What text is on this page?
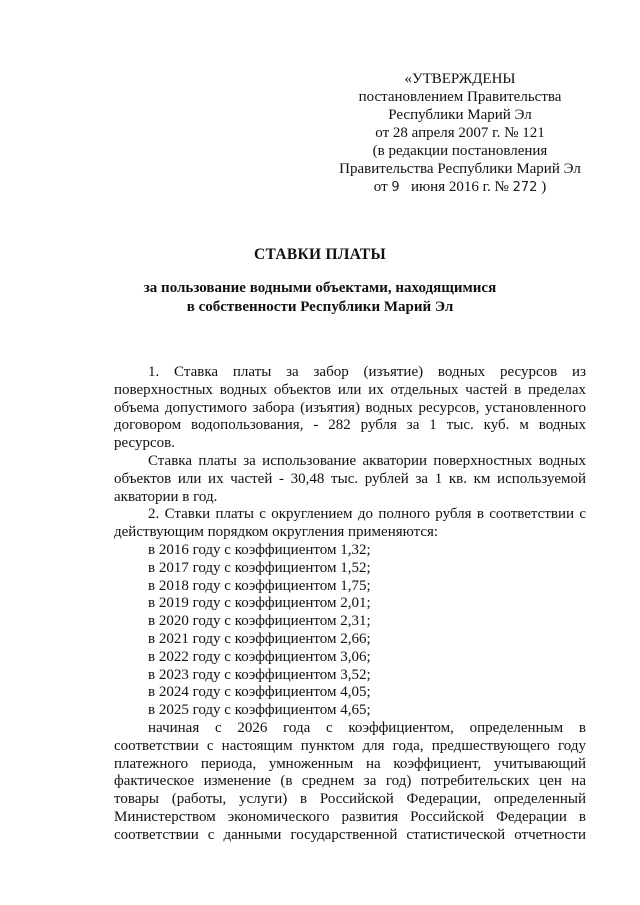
«УТВЕРЖДЕНЫ
постановлением Правительства
Республики Марий Эл
от 28 апреля 2007 г. № 121
(в редакции постановления
Правительства Республики Марий Эл
от 9 июня 2016 г. № 272 )
СТАВКИ ПЛАТЫ
за пользование водными объектами, находящимися
в собственности Республики Марий Эл

1. Ставка платы за забор (изъятие) водных ресурсов из поверхностных водных объектов или их отдельных частей в пределах объема допустимого забора (изъятия) водных ресурсов, установленного договором водопользования, - 282 рубля за 1 тыс. куб. м водных ресурсов.

Ставка платы за использование акватории поверхностных водных объектов или их частей - 30,48 тыс. рублей за 1 кв. км используемой акватории в год.

2. Ставки платы с округлением до полного рубля в соответствии с действующим порядком округления применяются:

в 2016 году с коэффициентом 1,32;

в 2017 году с коэффициентом 1,52;

в 2018 году с коэффициентом 1,75;

в 2019 году с коэффициентом 2,01;

в 2020 году с коэффициентом 2,31;

в 2021 году с коэффициентом 2,66;

в 2022 году с коэффициентом 3,06;

в 2023 году с коэффициентом 3,52;

в 2024 году с коэффициентом 4,05;

в 2025 году с коэффициентом 4,65;

начиная с 2026 года с коэффициентом, определенным в соответствии с настоящим пунктом для года, предшествующего году платежного периода, умноженным на коэффициент, учитывающий фактическое изменение (в среднем за год) потребительских цен на товары (работы, услуги) в Российской Федерации, определенный Министерством экономического развития Российской Федерации в соответствии с данными государственной статистической отчетности
